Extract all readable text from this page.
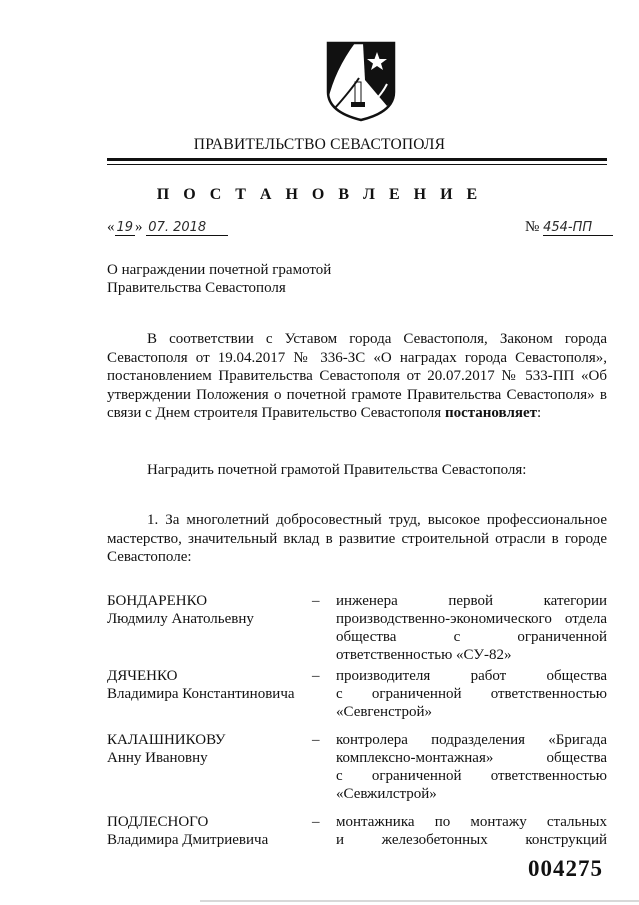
ПРАВИТЕЛЬСТВО СЕВАСТОПОЛЯ
П О С Т А Н О В Л Е Н И Е
« 19 » 07. 2018	№ 454-ПП
О награждении почетной грамотой
Правительства Севастополя
В соответствии с Уставом города Севастополя, Законом города Севастополя от 19.04.2017 № 336-ЗС «О наградах города Севастополя», постановлением Правительства Севастополя от 20.07.2017 № 533-ПП «Об утверждении Положения о почетной грамоте Правительства Севастополя» в связи с Днем строителя Правительство Севастополя постановляет:
Наградить почетной грамотой Правительства Севастополя:
1. За многолетний добросовестный труд, высокое профессиональное мастерство, значительный вклад в развитие строительной отрасли в городе Севастополе:
БОНДАРЕНКО
Людмилу Анатольевну
– инженера первой категории
производственно-экономического отдела
общества с ограниченной
ответственностью «СУ-82»
ДЯЧЕНКО
Владимира Константиновича
– производителя работ общества
с ограниченной ответственностью
«Севгенстрой»
КАЛАШНИКОВУ
Анну Ивановну
– контролера подразделения «Бригада
комплексно-монтажная» общества
с ограниченной ответственностью
«Севжилстрой»
ПОДЛЕСНОГО
Владимира Дмитриевича
– монтажника по монтажу стальных
и железобетонных конструкций
004275
